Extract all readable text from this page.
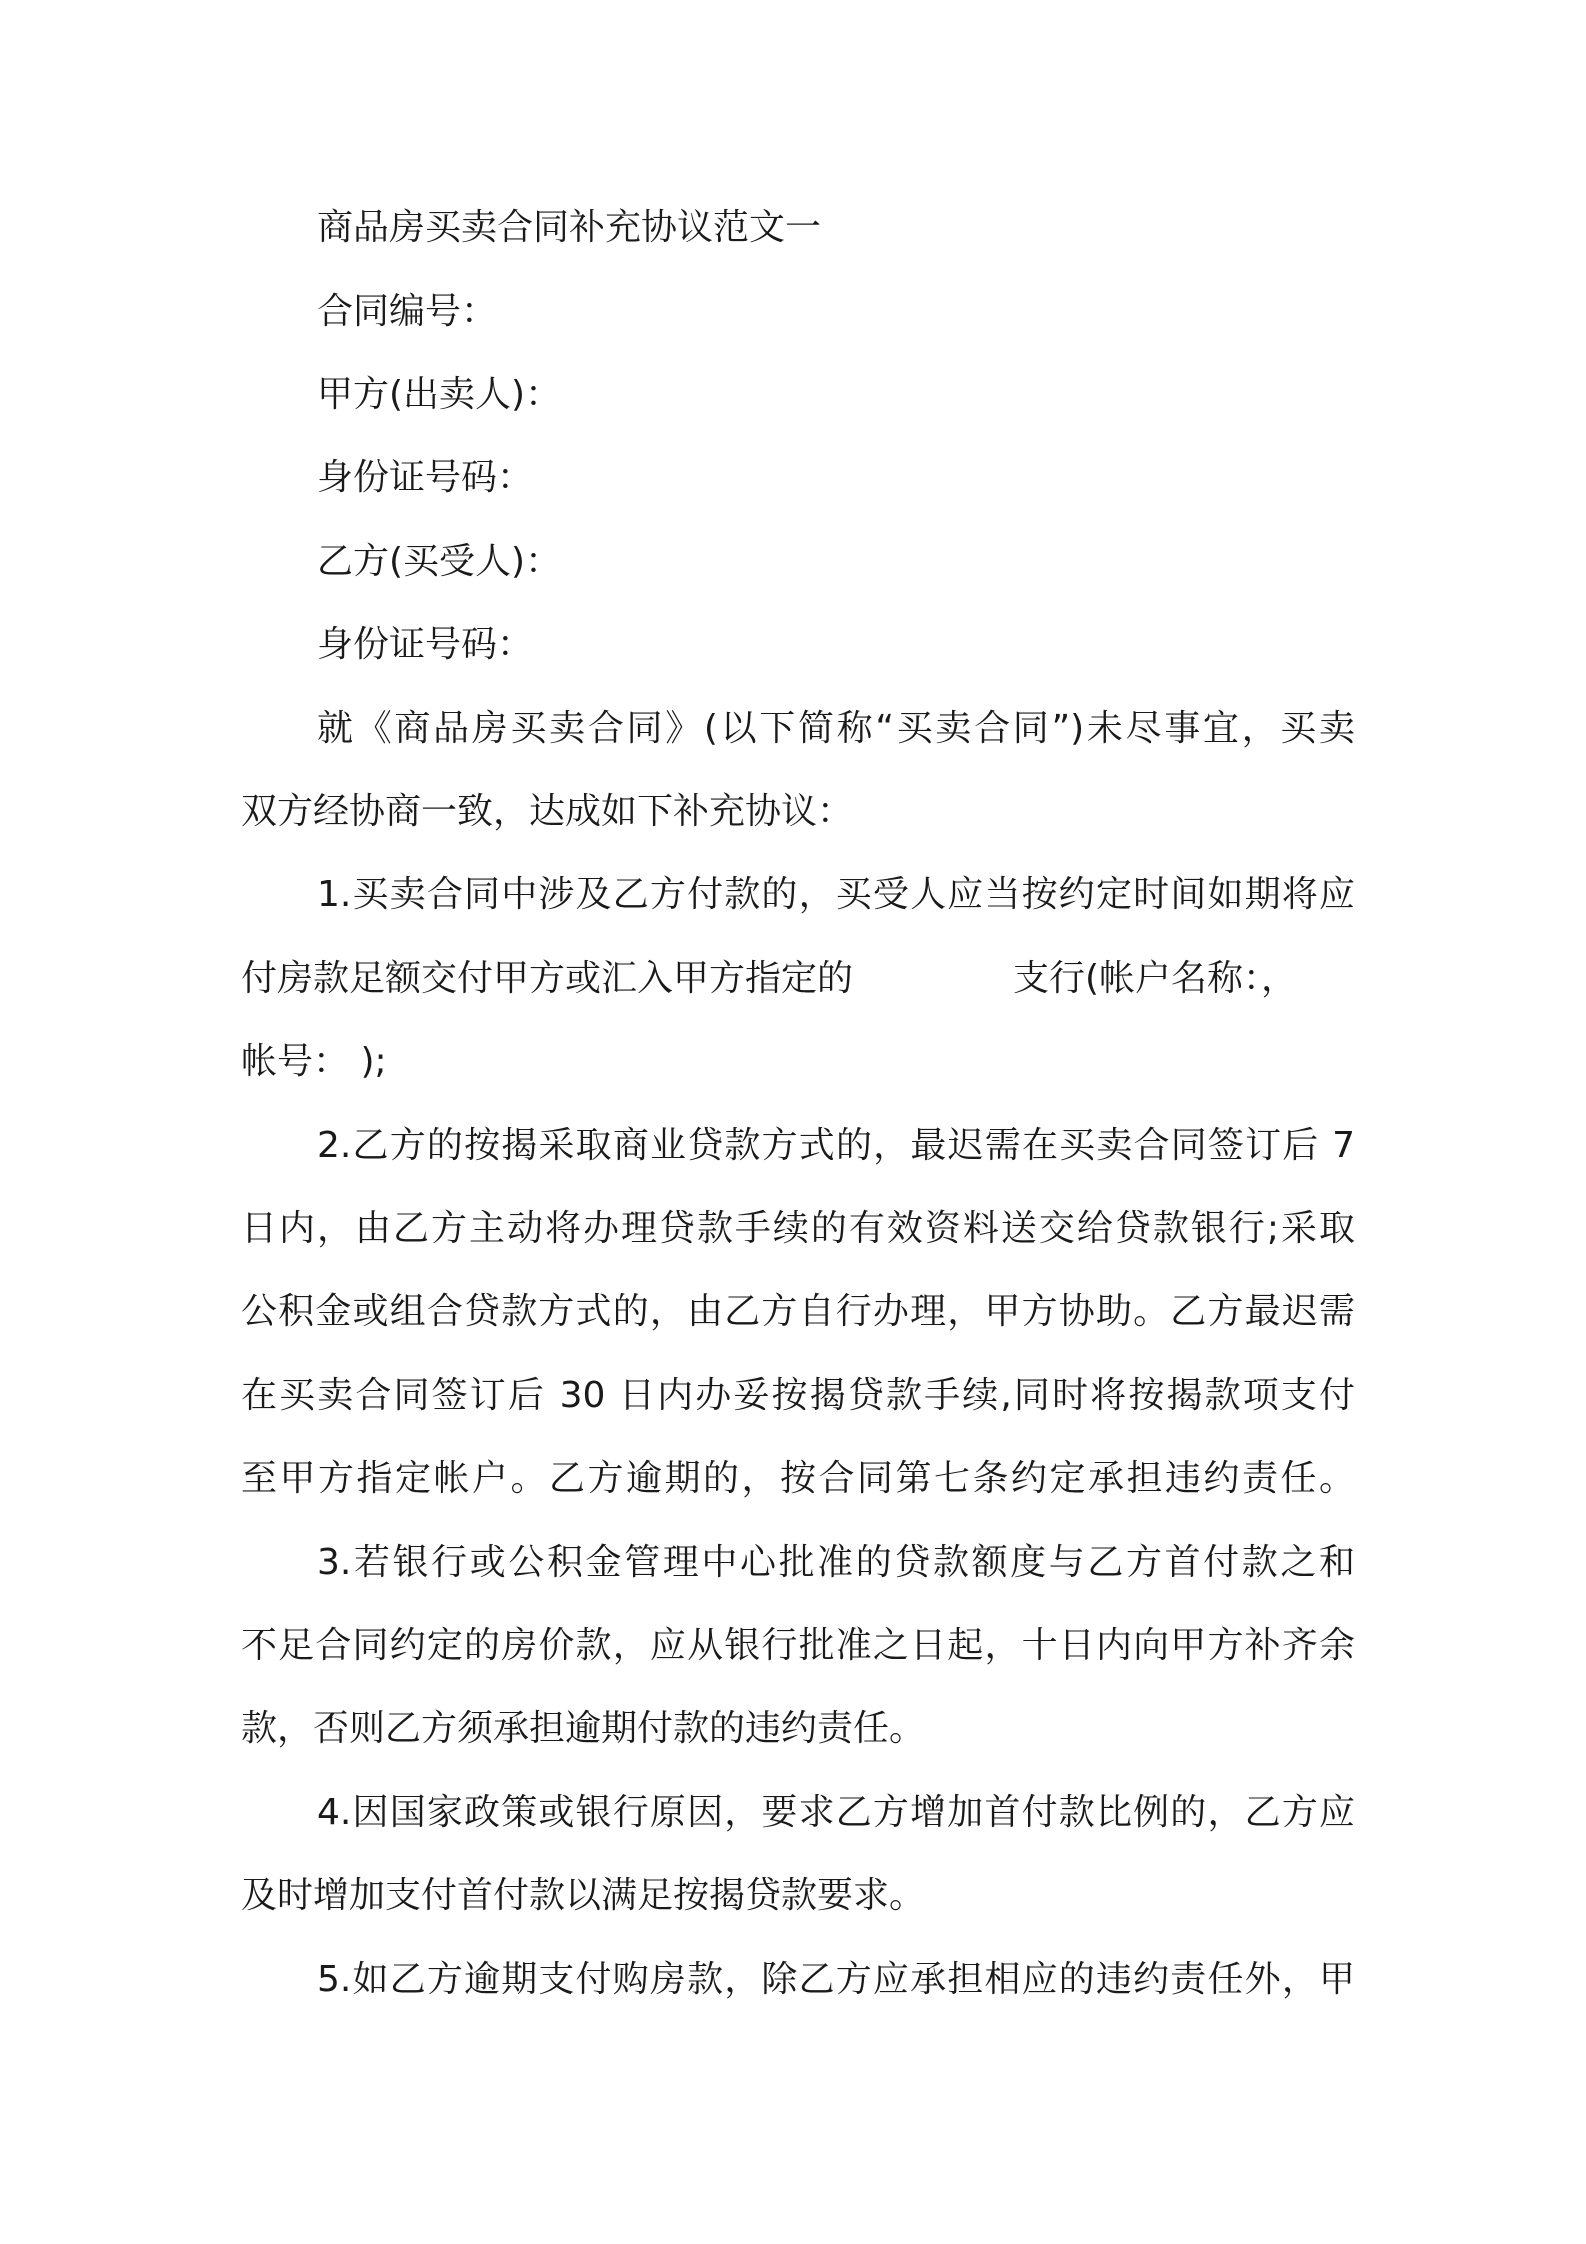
商品房买卖合同补充协议范文一
合同编号：
甲方(出卖人)：
身份证号码：
乙方(买受人)：
身份证号码：
就《商品房买卖合同》(以下简称“买卖合同”)未尽事宜，买卖
双方经协商一致，达成如下补充协议：
1.买卖合同中涉及乙方付款的，买受人应当按约定时间如期将应
付房款足额交付甲方或汇入甲方指定的	支行(帐户名称：，
帐号： );
2.乙方的按揭采取商业贷款方式的，最迟需在买卖合同签订后 7
日内，由乙方主动将办理贷款手续的有效资料送交给贷款银行;采取
公积金或组合贷款方式的，由乙方自行办理，甲方协助。乙方最迟需
在买卖合同签订后 30 日内办妥按揭贷款手续,同时将按揭款项支付
至甲方指定帐户。乙方逾期的，按合同第七条约定承担违约责任。
3.若银行或公积金管理中心批准的贷款额度与乙方首付款之和
不足合同约定的房价款，应从银行批准之日起，十日内向甲方补齐余
款，否则乙方须承担逾期付款的违约责任。
4.因国家政策或银行原因，要求乙方增加首付款比例的，乙方应
及时增加支付首付款以满足按揭贷款要求。
5.如乙方逾期支付购房款，除乙方应承担相应的违约责任外，甲
